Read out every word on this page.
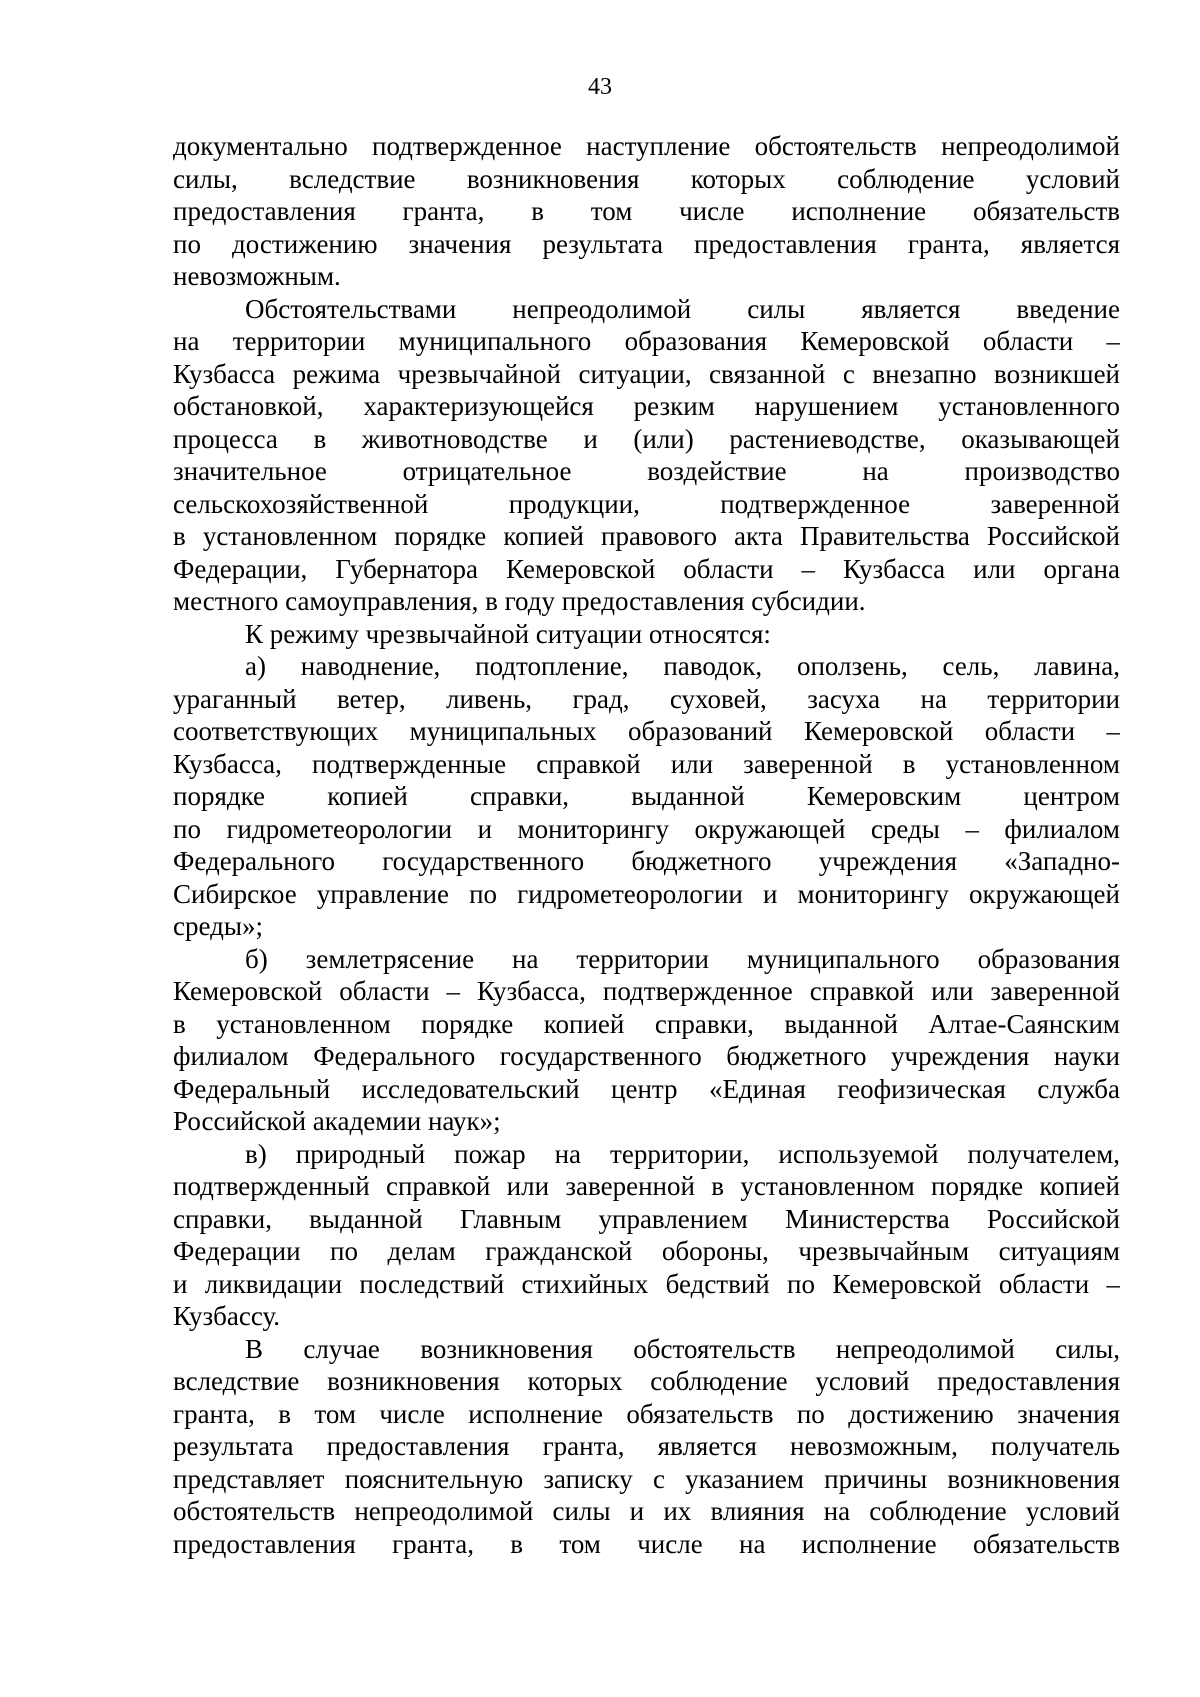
43

документально подтвержденное наступление обстоятельств непреодолимой
силы, вследствие возникновения которых соблюдение условий
предоставления гранта, в том числе исполнение обязательств
по достижению значения результата предоставления гранта, является
невозможным.

Обстоятельствами непреодолимой силы является введение
на территории муниципального образования Кемеровской области –
Кузбасса режима чрезвычайной ситуации, связанной с внезапно возникшей
обстановкой, характеризующейся резким нарушением установленного
процесса в животноводстве и (или) растениеводстве, оказывающей
значительное отрицательное воздействие на производство
сельскохозяйственной продукции, подтвержденное заверенной
в установленном порядке копией правового акта Правительства Российской
Федерации, Губернатора Кемеровской области – Кузбасса или органа
местного самоуправления, в году предоставления субсидии.

К режиму чрезвычайной ситуации относятся:

а) наводнение, подтопление, паводок, оползень, сель, лавина,
ураганный ветер, ливень, град, суховей, засуха на территории
соответствующих муниципальных образований Кемеровской области –
Кузбасса, подтвержденные справкой или заверенной в установленном
порядке копией справки, выданной Кемеровским центром
по гидрометеорологии и мониторингу окружающей среды – филиалом
Федерального государственного бюджетного учреждения «Западно-
Сибирское управление по гидрометеорологии и мониторингу окружающей
среды»;

б) землетрясение на территории муниципального образования
Кемеровской области – Кузбасса, подтвержденное справкой или заверенной
в установленном порядке копией справки, выданной Алтае-Саянским
филиалом Федерального государственного бюджетного учреждения науки
Федеральный исследовательский центр «Единая геофизическая служба
Российской академии наук»;

в) природный пожар на территории, используемой получателем,
подтвержденный справкой или заверенной в установленном порядке копией
справки, выданной Главным управлением Министерства Российской
Федерации по делам гражданской обороны, чрезвычайным ситуациям
и ликвидации последствий стихийных бедствий по Кемеровской области –
Кузбассу.

В случае возникновения обстоятельств непреодолимой силы,
вследствие возникновения которых соблюдение условий предоставления
гранта, в том числе исполнение обязательств по достижению значения
результата предоставления гранта, является невозможным, получатель
представляет пояснительную записку с указанием причины возникновения
обстоятельств непреодолимой силы и их влияния на соблюдение условий
предоставления гранта, в том числе на исполнение обязательств
